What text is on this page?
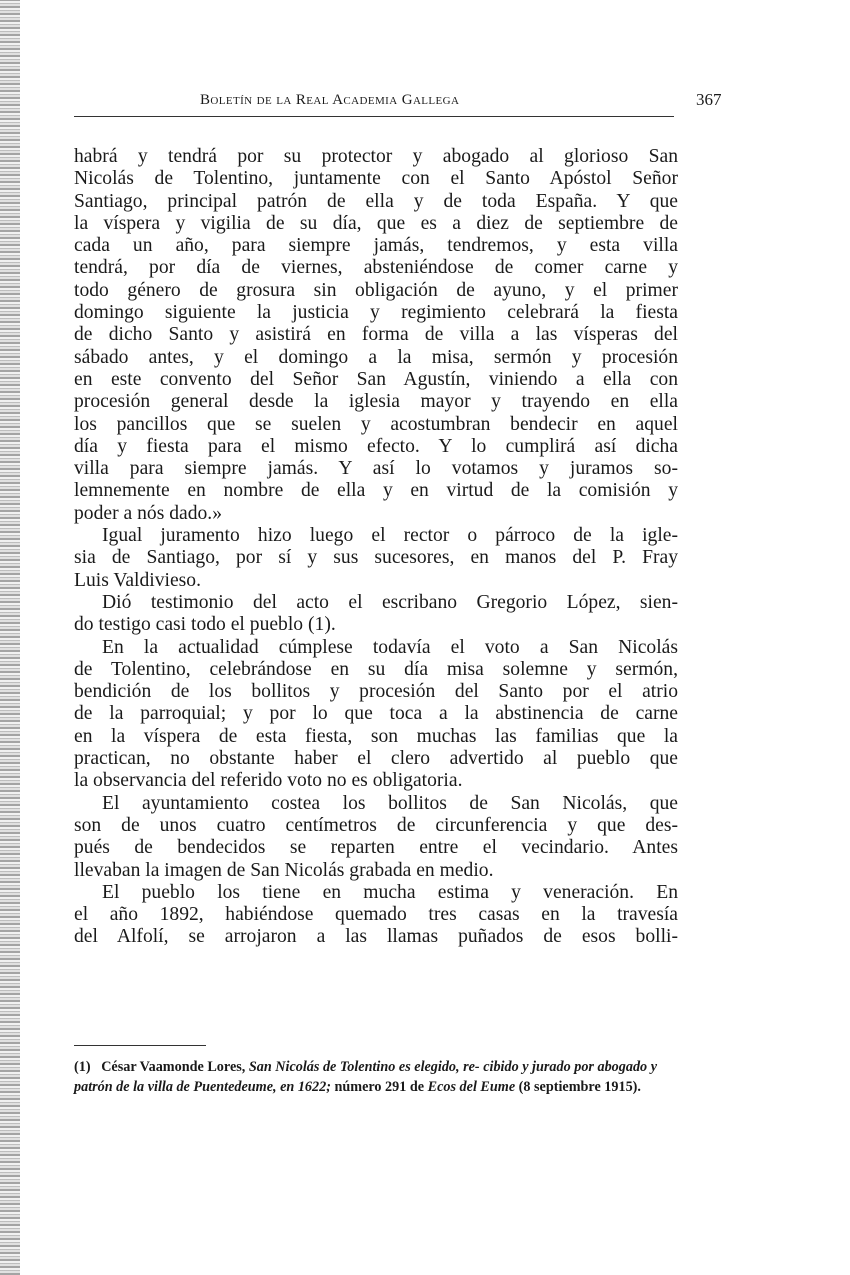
Boletín de la Real Academia Gallega	367
habrá y tendrá por su protector y abogado al glorioso San
Nicolás de Tolentino, juntamente con el Santo Apóstol Señor
Santiago, principal patrón de ella y de toda España. Y que
la víspera y vigilia de su día, que es a diez de septiembre de
cada un año, para siempre jamás, tendremos, y esta villa
tendrá, por día de viernes, absteniéndose de comer carne y
todo género de grosura sin obligación de ayuno, y el primer
domingo siguiente la justicia y regimiento celebrará la fiesta
de dicho Santo y asistirá en forma de villa a las vísperas del
sábado antes, y el domingo a la misa, sermón y procesión
en este convento del Señor San Agustín, viniendo a ella con
procesión general desde la iglesia mayor y trayendo en ella
los pancillos que se suelen y acostumbran bendecir en aquel
día y fiesta para el mismo efecto. Y lo cumplirá así dicha
villa para siempre jamás. Y así lo votamos y juramos so-
lemnemente en nombre de ella y en virtud de la comisión y
poder a nós dado.»
Igual juramento hizo luego el rector o párroco de la igle-
sia de Santiago, por sí y sus sucesores, en manos del P. Fray
Luis Valdivieso.
Dió testimonio del acto el escribano Gregorio López, sien-
do testigo casi todo el pueblo (1).
En la actualidad cúmplese todavía el voto a San Nicolás
de Tolentino, celebrándose en su día misa solemne y sermón,
bendición de los bollitos y procesión del Santo por el atrio
de la parroquial; y por lo que toca a la abstinencia de carne
en la víspera de esta fiesta, son muchas las familias que la
practican, no obstante haber el clero advertido al pueblo que
la observancia del referido voto no es obligatoria.
El ayuntamiento costea los bollitos de San Nicolás, que
son de unos cuatro centímetros de circunferencia y que des-
pués de bendecidos se reparten entre el vecindario. Antes
llevaban la imagen de San Nicolás grabada en medio.
El pueblo los tiene en mucha estima y veneración. En
el año 1892, habiéndose quemado tres casas en la travesía
del Alfolí, se arrojaron a las llamas puñados de esos bolli-
(1) César Vaamonde Lores, San Nicolás de Tolentino es elegido, re- cibido y jurado por abogado y patrón de la villa de Puentedeume, en 1622; número 291 de Ecos del Eume (8 septiembre 1915).
